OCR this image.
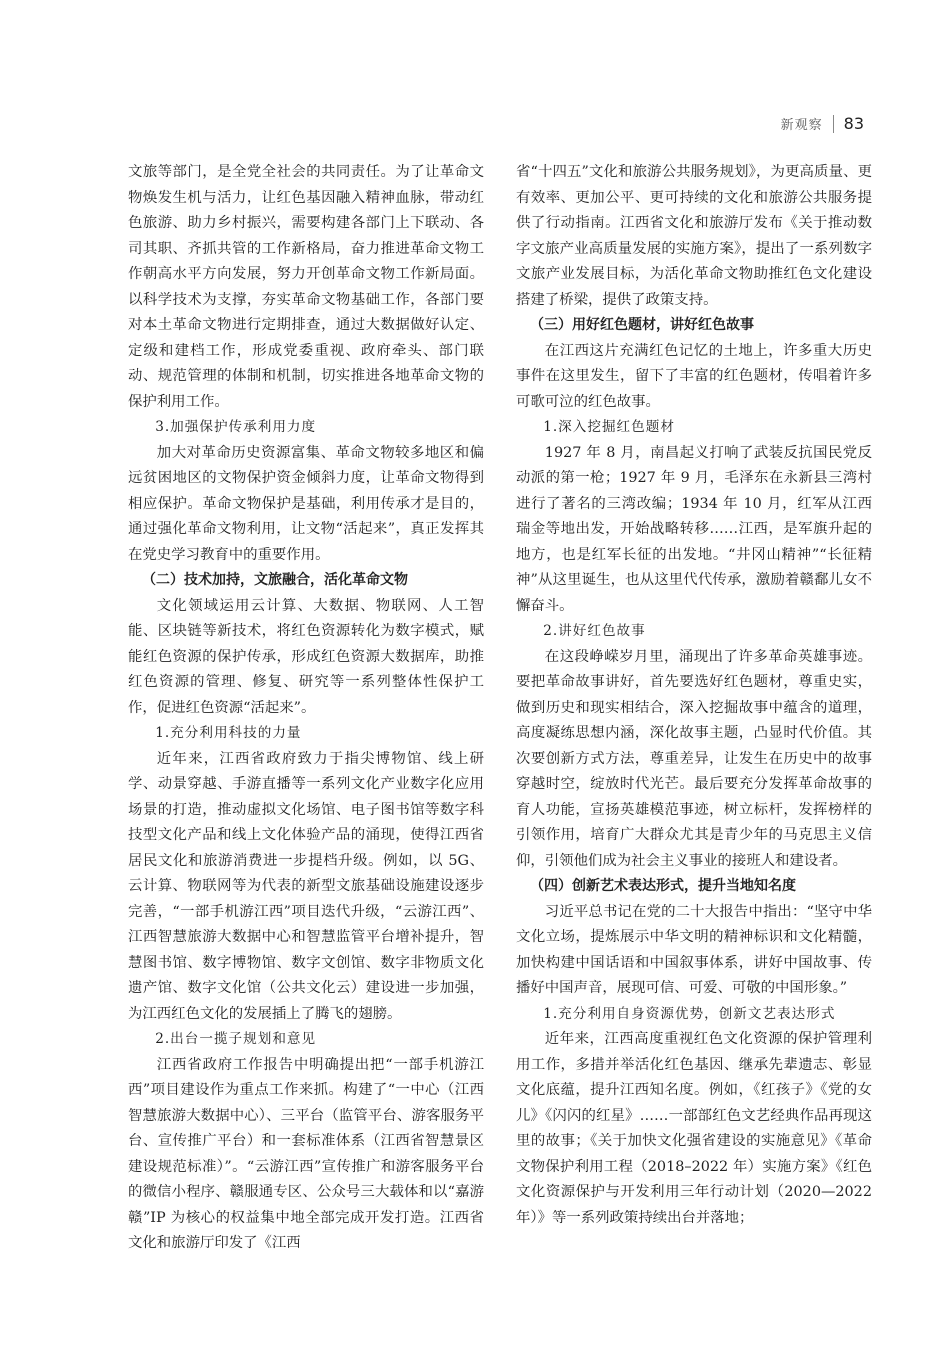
新观察 83

文旅等部门，是全党全社会的共同责任。为了让革命文物焕发生机与活力，让红色基因融入精神血脉，带动红色旅游、助力乡村振兴，需要构建各部门上下联动、各司其职、齐抓共管的工作新格局，奋力推进革命文物工作朝高水平方向发展，努力开创革命文物工作新局面。以科学技术为支撑，夯实革命文物基础工作，各部门要对本土革命文物进行定期排查，通过大数据做好认定、定级和建档工作，形成党委重视、政府牵头、部门联动、规范管理的体制和机制，切实推进各地革命文物的保护利用工作。

3.加强保护传承利用力度

加大对革命历史资源富集、革命文物较多地区和偏远贫困地区的文物保护资金倾斜力度，让革命文物得到相应保护。革命文物保护是基础，利用传承才是目的，通过强化革命文物利用，让文物“活起来”，真正发挥其在党史学习教育中的重要作用。

（二）技术加持，文旅融合，活化革命文物

文化领域运用云计算、大数据、物联网、人工智能、区块链等新技术，将红色资源转化为数字模式，赋能红色资源的保护传承，形成红色资源大数据库，助推红色资源的管理、修复、研究等一系列整体性保护工作，促进红色资源“活起来”。

1.充分利用科技的力量

近年来，江西省政府致力于指尖博物馆、线上研学、动景穿越、手游直播等一系列文化产业数字化应用场景的打造，推动虚拟文化场馆、电子图书馆等数字科技型文化产品和线上文化体验产品的涌现，使得江西省居民文化和旅游消费进一步提档升级。例如，以 5G、云计算、物联网等为代表的新型文旅基础设施建设逐步完善，“一部手机游江西”项目迭代升级，“云游江西”、江西智慧旅游大数据中心和智慧监管平台增补提升，智慧图书馆、数字博物馆、数字文创馆、数字非物质文化遗产馆、数字文化馆（公共文化云）建设进一步加强，为江西红色文化的发展插上了腾飞的翅膀。

2.出台一揽子规划和意见

江西省政府工作报告中明确提出把“一部手机游江西”项目建设作为重点工作来抓。构建了“一中心（江西智慧旅游大数据中心）、三平台（监管平台、游客服务平台、宣传推广平台）和一套标准体系（江西省智慧景区建设规范标准）”。“云游江西”宣传推广和游客服务平台的微信小程序、赣服通专区、公众号三大载体和以“嘉游赣”IP 为核心的权益集中地全部完成开发打造。江西省文化和旅游厅印发了《江西

省“十四五”文化和旅游公共服务规划》，为更高质量、更有效率、更加公平、更可持续的文化和旅游公共服务提供了行动指南。江西省文化和旅游厅发布《关于推动数字文旅产业高质量发展的实施方案》，提出了一系列数字文旅产业发展目标，为活化革命文物助推红色文化建设搭建了桥梁，提供了政策支持。

（三）用好红色题材，讲好红色故事

在江西这片充满红色记忆的土地上，许多重大历史事件在这里发生，留下了丰富的红色题材，传唱着许多可歌可泣的红色故事。

1.深入挖掘红色题材

1927 年 8 月，南昌起义打响了武装反抗国民党反动派的第一枪；1927 年 9 月，毛泽东在永新县三湾村进行了著名的三湾改编；1934 年 10 月，红军从江西瑞金等地出发，开始战略转移……江西，是军旗升起的地方，也是红军长征的出发地。“井冈山精神”“长征精神”从这里诞生，也从这里代代传承，激励着赣鄱儿女不懈奋斗。

2.讲好红色故事

在这段峥嵘岁月里，涌现出了许多革命英雄事迹。要把革命故事讲好，首先要选好红色题材，尊重史实，做到历史和现实相结合，深入挖掘故事中蕴含的道理，高度凝练思想内涵，深化故事主题，凸显时代价值。其次要创新方式方法，尊重差异，让发生在历史中的故事穿越时空，绽放时代光芒。最后要充分发挥革命故事的育人功能，宣扬英雄模范事迹，树立标杆，发挥榜样的引领作用，培育广大群众尤其是青少年的马克思主义信仰，引领他们成为社会主义事业的接班人和建设者。

（四）创新艺术表达形式，提升当地知名度

习近平总书记在党的二十大报告中指出：“坚守中华文化立场，提炼展示中华文明的精神标识和文化精髓，加快构建中国话语和中国叙事体系，讲好中国故事、传播好中国声音，展现可信、可爱、可敬的中国形象。”

1.充分利用自身资源优势，创新文艺表达形式

近年来，江西高度重视红色文化资源的保护管理利用工作，多措并举活化红色基因、继承先辈遗志、彰显文化底蕴，提升江西知名度。例如，《红孩子》《党的女儿》《闪闪的红星》……一部部红色文艺经典作品再现这里的故事；《关于加快文化强省建设的实施意见》《革命文物保护利用工程（2018–2022 年）实施方案》《红色文化资源保护与开发利用三年行动计划（2020—2022 年）》等一系列政策持续出台并落地；
